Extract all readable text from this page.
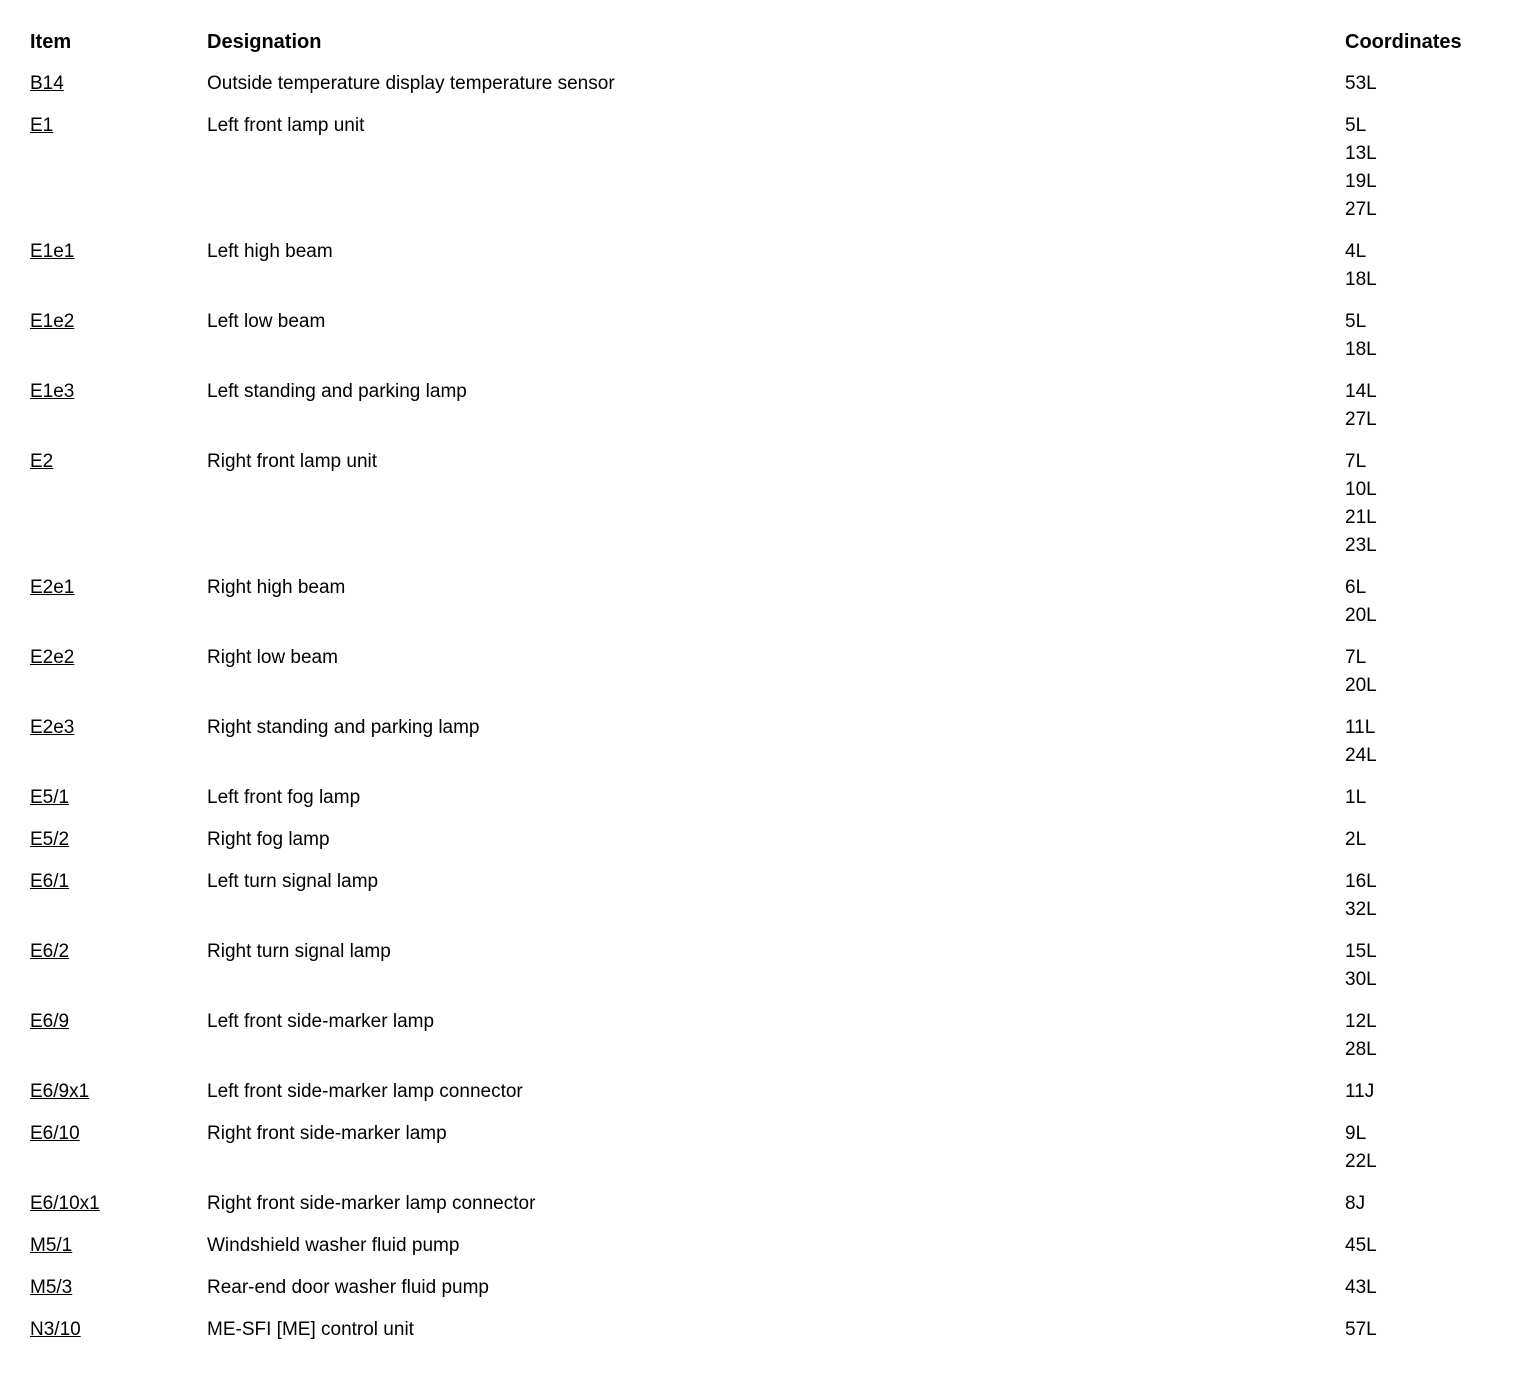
Item	Designation	Coordinates
B14	Outside temperature display temperature sensor	53L
E1	Left front lamp unit	5L
13L
19L
27L
E1e1	Left high beam	4L
18L
E1e2	Left low beam	5L
18L
E1e3	Left standing and parking lamp	14L
27L
E2	Right front lamp unit	7L
10L
21L
23L
E2e1	Right high beam	6L
20L
E2e2	Right low beam	7L
20L
E2e3	Right standing and parking lamp	11L
24L
E5/1	Left front fog lamp	1L
E5/2	Right fog lamp	2L
E6/1	Left turn signal lamp	16L
32L
E6/2	Right turn signal lamp	15L
30L
E6/9	Left front side-marker lamp	12L
28L
E6/9x1	Left front side-marker lamp connector	11J
E6/10	Right front side-marker lamp	9L
22L
E6/10x1	Right front side-marker lamp connector	8J
M5/1	Windshield washer fluid pump	45L
M5/3	Rear-end door washer fluid pump	43L
N3/10	ME-SFI [ME] control unit	57L
